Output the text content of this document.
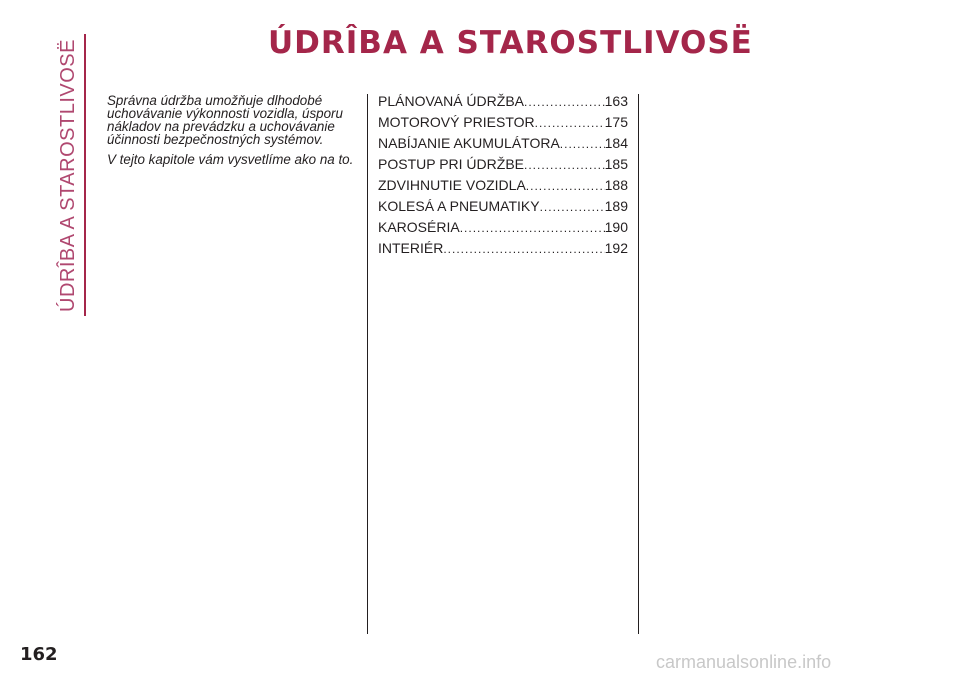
ÚDRÎBA A STAROSTLIVOSË	ÚDRÎBA A STAROSTLIVOSË

Správna údržba umožňuje dlhodobé uchovávanie výkonnosti vozidla, úsporu nákladov na prevádzku a uchovávanie účinnosti bezpečnostných systémov.

V tejto kapitole vám vysvetlíme ako na to.

PLÁNOVANÁ ÚDRŽBA .....	163
MOTOROVÝ PRIESTOR .....	175
NABÍJANIE AKUMULÁTORA .....	184
POSTUP PRI ÚDRŽBE .....	185
ZDVIHNUTIE VOZIDLA .....	188
KOLESÁ A PNEUMATIKY .....	189
KAROSÉRIA .....	190
INTERIÉR .....	192
162	carmanualsonline.info
